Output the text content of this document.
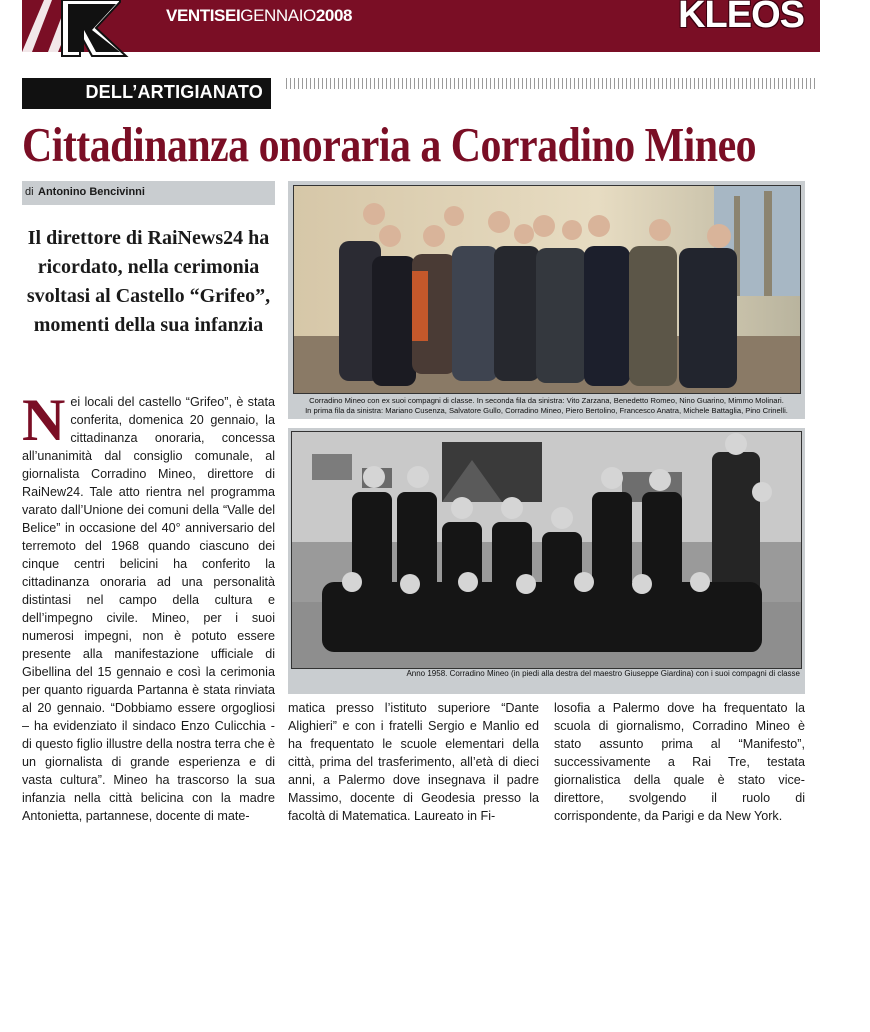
VENTISEIGENNAIO2008	KLEOS
DELL’ARTIGIANATO
Cittadinanza onoraria a Corradino Mineo
di Antonino Bencivinni

Il direttore di RaiNews24 ha ricordato, nella cerimonia svoltasi al Castello “Grifeo”, momenti della sua infanzia

Nei locali del castello “Grifeo”, è stata conferita, domenica 20 gennaio, la cittadinanza onoraria, concessa all’unanimità dal consiglio comunale, al giornalista Corradino Mineo, direttore di RaiNew24. Tale atto rientra nel programma varato dall’Unione dei comuni della “Valle del Belice” in occasione del 40° anniversario del terremoto del 1968 quando ciascuno dei cinque centri belicini ha conferito la cittadinanza onoraria ad una personalità distintasi nel campo della cultura e dell’impegno civile. Mineo, per i suoi numerosi impegni, non è potuto essere presente alla manifestazione ufficiale di Gibellina del 15 gennaio e così la cerimonia per quanto riguarda Partanna è stata rinviata al 20 gennaio. “Dobbiamo essere orgogliosi – ha evidenziato il sindaco Enzo Culicchia - di questo figlio illustre della nostra terra che è un giornalista di grande esperienza e di vasta cultura”. Mineo ha trascorso la sua infanzia nella città belicina con la madre Antonietta, partannese, docente di mate-

Corradino Mineo con ex suoi compagni di classe. In seconda fila da sinistra: Vito Zarzana, Benedetto Romeo, Nino Guarino, Mimmo Molinari.
In prima fila da sinistra: Mariano Cusenza, Salvatore Gullo, Corradino Mineo, Piero Bertolino, Francesco Anatra, Michele Battaglia, Pino Crinelli.

Anno 1958. Corradino Mineo (in piedi alla destra del maestro Giuseppe Giardina) con i suoi compagni di classe

matica presso l’istituto superiore “Dante Alighieri” e con i fratelli Sergio e Manlio ed ha frequentato le scuole elementari della città, prima del trasferimento, all’età di dieci anni, a Palermo dove insegnava il padre Massimo, docente di Geodesia presso la facoltà di Matematica. Laureato in Fi-

losofia a Palermo dove ha frequentato la scuola di giornalismo, Corradino Mineo è stato assunto prima al “Manifesto”, successivamente a Rai Tre, testata giornalistica della quale è stato vice-direttore, svolgendo il ruolo di corrispondente, da Parigi e da New York.
